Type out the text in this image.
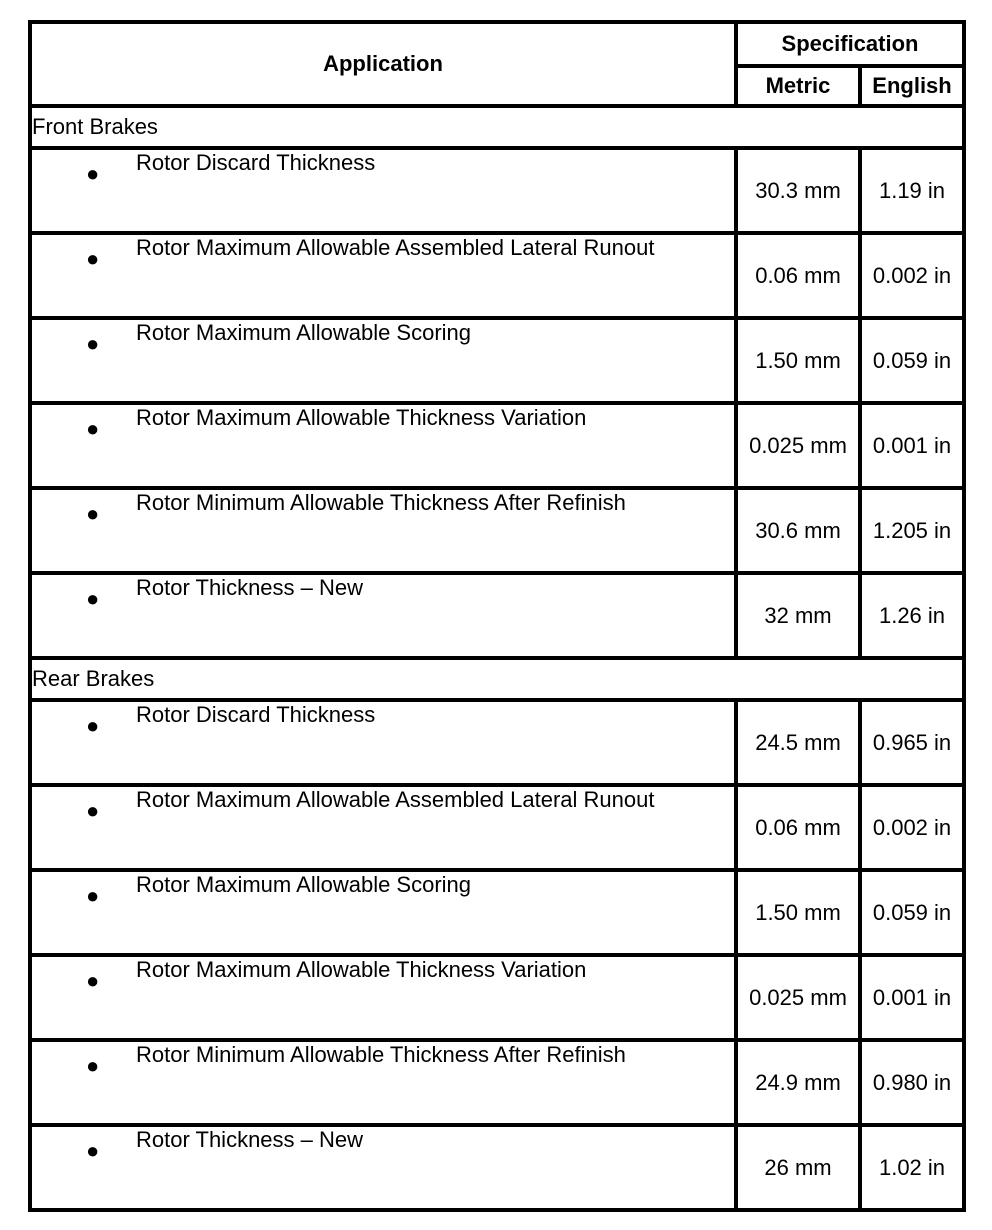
Application	Specification	
	Metric	English
Front Brakes		

● Rotor Discard Thickness	30.3 mm	1.19 in

● Rotor Maximum Allowable Assembled Lateral Runout	0.06 mm	0.002 in

● Rotor Maximum Allowable Scoring	1.50 mm	0.059 in

● Rotor Maximum Allowable Thickness Variation	0.025 mm	0.001 in

● Rotor Minimum Allowable Thickness After Refinish	30.6 mm	1.205 in

● Rotor Thickness – New	32 mm	1.26 in
Rear Brakes		

● Rotor Discard Thickness	24.5 mm	0.965 in

● Rotor Maximum Allowable Assembled Lateral Runout	0.06 mm	0.002 in

● Rotor Maximum Allowable Scoring	1.50 mm	0.059 in

● Rotor Maximum Allowable Thickness Variation	0.025 mm	0.001 in

● Rotor Minimum Allowable Thickness After Refinish	24.9 mm	0.980 in

● Rotor Thickness – New	26 mm	1.02 in
